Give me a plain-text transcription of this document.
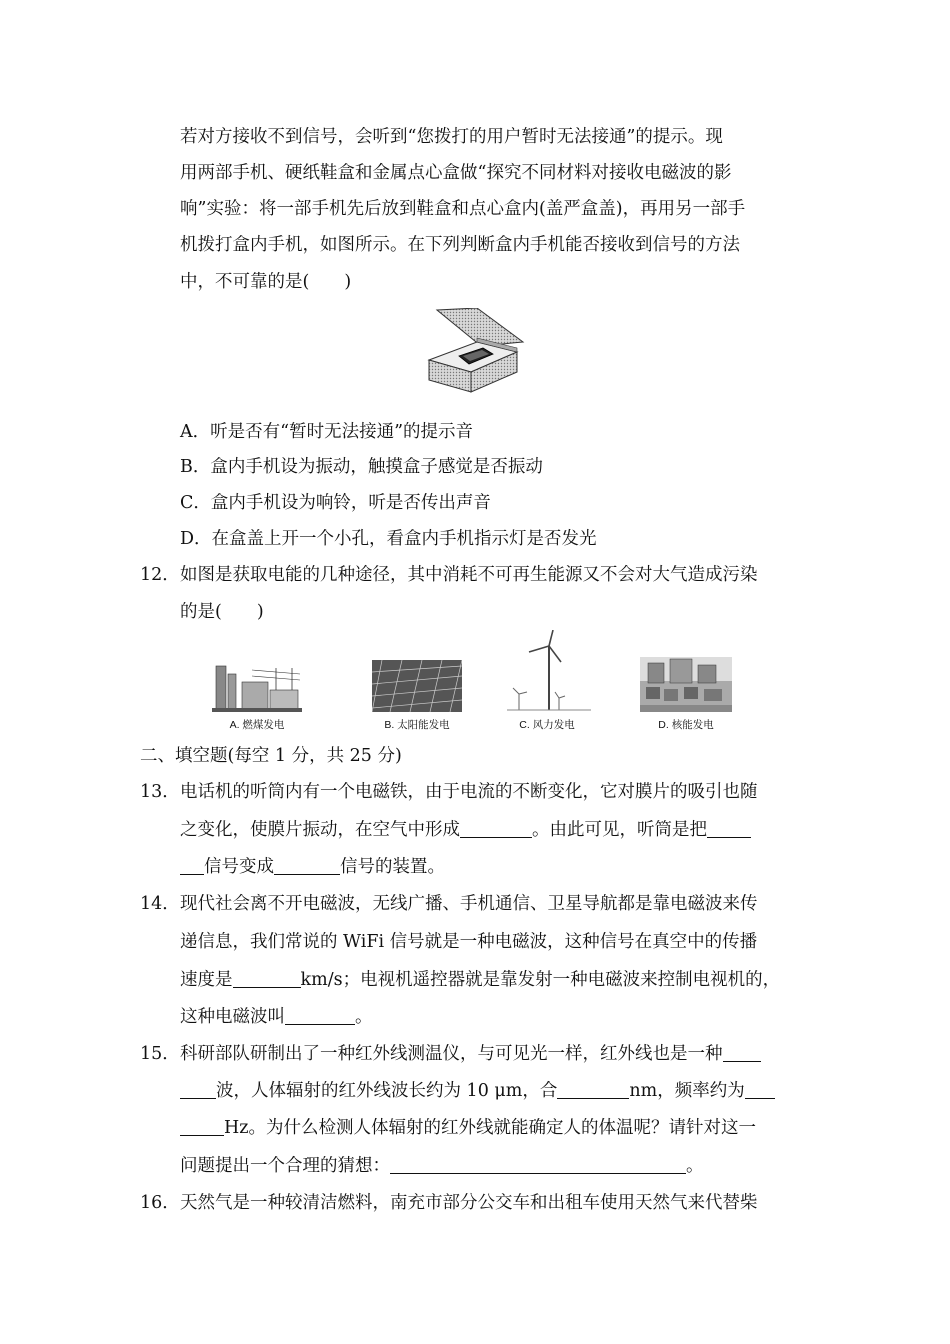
若对方接收不到信号，会听到“您拨打的用户暂时无法接通”的提示。现
用两部手机、硬纸鞋盒和金属点心盒做“探究不同材料对接收电磁波的影
响”实验：将一部手机先后放到鞋盒和点心盒内(盖严盒盖)，再用另一部手
机拨打盒内手机，如图所示。在下列判断盒内手机能否接收到信号的方法
中，不可靠的是(　　)
A．听是否有“暂时无法接通”的提示音
B．盒内手机设为振动，触摸盒子感觉是否振动
C．盒内手机设为响铃，听是否传出声音
D．在盒盖上开一个小孔，看盒内手机指示灯是否发光
12． 如图是获取电能的几种途径，其中消耗不可再生能源又不会对大气造成污染
的是(　　)
A. 燃煤发电	B. 太阳能发电	C. 风力发电	D. 核能发电
二、填空题(每空 1 分，共 25 分)
13． 电话机的听筒内有一个电磁铁，由于电流的不断变化，它对膜片的吸引也随
之变化，使膜片振动，在空气中形成	。由此可见，听筒是把
信号变成	信号的装置。
14． 现代社会离不开电磁波，无线广播、手机通信、卫星导航都是靠电磁波来传
递信息，我们常说的 WiFi 信号就是一种电磁波，这种信号在真空中的传播
速度是	km/s；电视机遥控器就是靠发射一种电磁波来控制电视机的，
这种电磁波叫	。
15． 科研部队研制出了一种红外线测温仪，与可见光一样，红外线也是一种
波，人体辐射的红外线波长约为 10 μm，合	nm，频率约为
Hz。为什么检测人体辐射的红外线就能确定人的体温呢？请针对这一
问题提出一个合理的猜想：	。
16． 天然气是一种较清洁燃料，南充市部分公交车和出租车使用天然气来代替柴
